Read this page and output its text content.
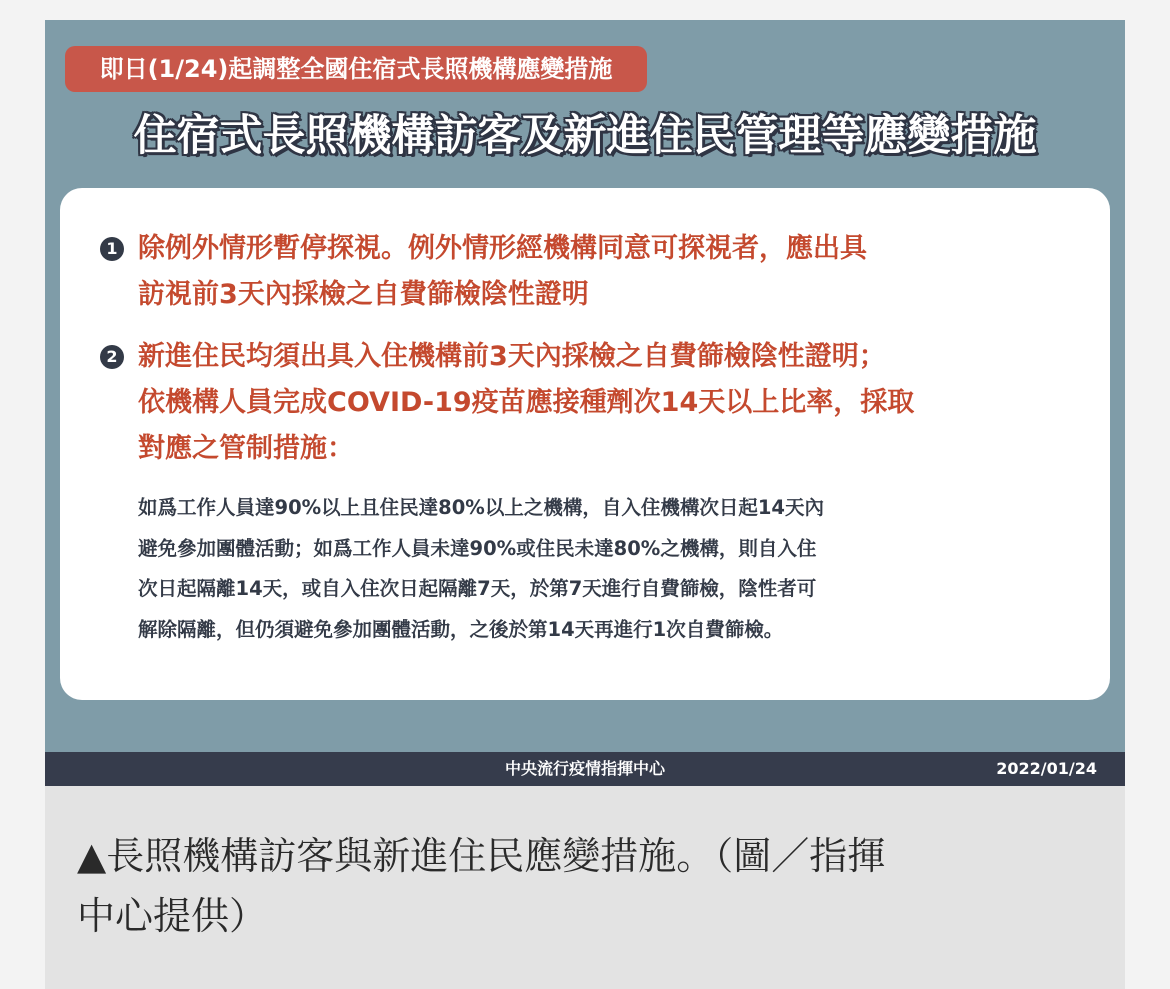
即日(1/24)起調整全國住宿式長照機構應變措施
住宿式長照機構訪客及新進住民管理等應變措施
1 除例外情形暫停探視。例外情形經機構同意可探視者，應出具
訪視前3天內採檢之自費篩檢陰性證明
2 新進住民均須出具入住機構前3天內採檢之自費篩檢陰性證明；
依機構人員完成COVID-19疫苗應接種劑次14天以上比率，採取
對應之管制措施：
如爲工作人員達90%以上且住民達80%以上之機構，自入住機構次日起14天內
避免參加團體活動；如爲工作人員未達90%或住民未達80%之機構，則自入住
次日起隔離14天，或自入住次日起隔離7天，於第7天進行自費篩檢，陰性者可
解除隔離，但仍須避免參加團體活動，之後於第14天再進行1次自費篩檢。
中央流行疫情指揮中心	2022/01/24
▲長照機構訪客與新進住民應變措施。（圖／指揮
中心提供）
